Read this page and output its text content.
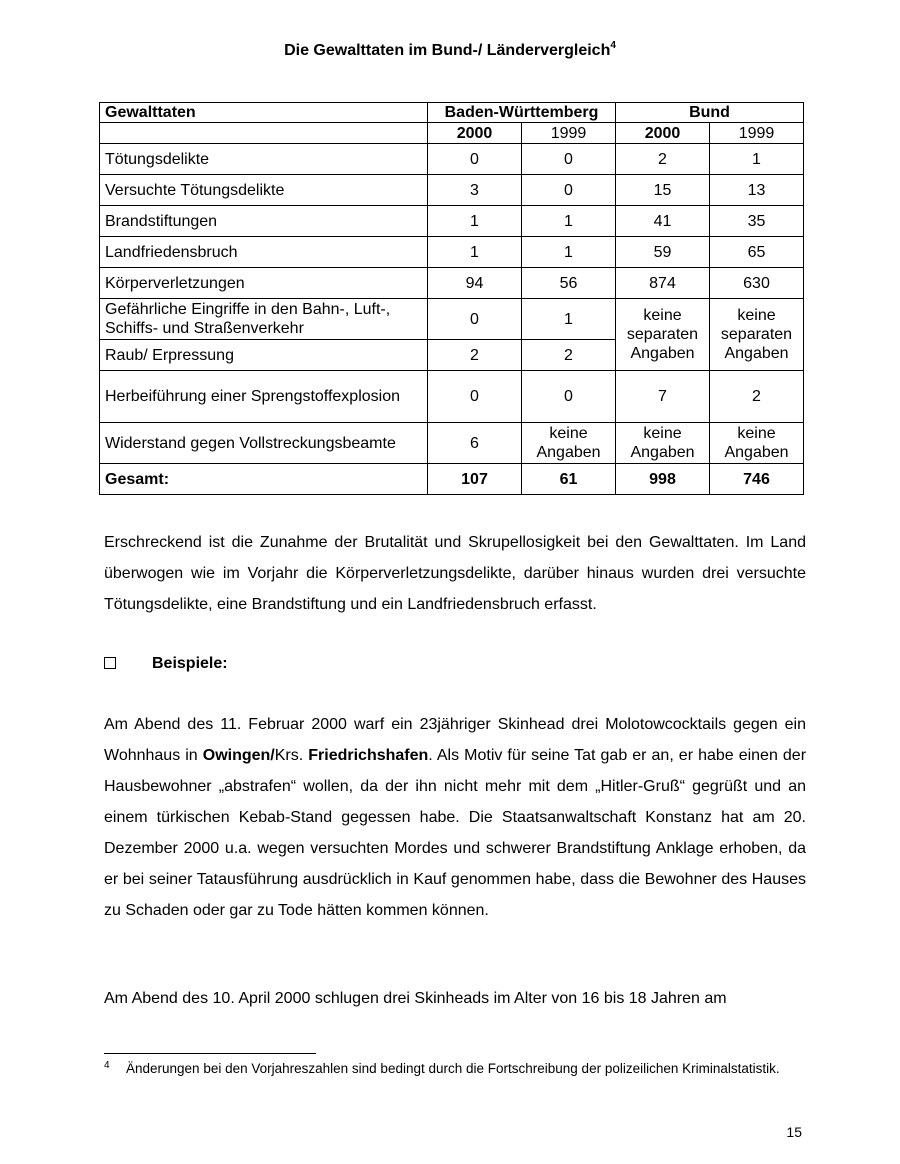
Die Gewalttaten im Bund-/ Ländervergleich$^4$
Gewalttaten	Baden-Württemberg		Bund	
	2000	1999	2000	1999
Tötungsdelikte	0	0	2	1
Versuchte Tötungsdelikte	3	0	15	13
Brandstiftungen	1	1	41	35
Landfriedensbruch	1	1	59	65
Körperverletzungen	94	56	874	630
Gefährliche Eingriffe in den Bahn-, Luft-, Schiffs- und Straßenverkehr	0	1	keine separaten Angaben	keine separaten Angaben
Raub/ Erpressung	2	2		
Herbeiführung einer Sprengstoffexplosion	0	0	7	2
Widerstand gegen Vollstreckungsbeamte	6	keine Angaben	keine Angaben	keine Angaben
Gesamt:	107	61	998	746
Erschreckend ist die Zunahme der Brutalität und Skrupellosigkeit bei den Gewalttaten. Im Land überwogen wie im Vorjahr die Körperverletzungsdelikte, darüber hinaus wurden drei versuchte Tötungsdelikte, eine Brandstiftung und ein Landfriedensbruch erfasst.
Beispiele:
Am Abend des 11. Februar 2000 warf ein 23jähriger Skinhead drei Molotowcocktails gegen ein Wohnhaus in Owingen/Krs. Friedrichshafen. Als Motiv für seine Tat gab er an, er habe einen der Hausbewohner „abstrafen“ wollen, da der ihn nicht mehr mit dem „Hitler-Gruß“ gegrüßt und an einem türkischen Kebab-Stand gegessen habe. Die Staatsanwaltschaft Konstanz hat am 20. Dezember 2000 u.a. wegen versuchten Mordes und schwerer Brandstiftung Anklage erhoben, da er bei seiner Tatausführung ausdrücklich in Kauf genommen habe, dass die Bewohner des Hauses zu Schaden oder gar zu Tode hätten kommen können.
Am Abend des 10. April 2000 schlugen drei Skinheads im Alter von 16 bis 18 Jahren am
4 Änderungen bei den Vorjahreszahlen sind bedingt durch die Fortschreibung der polizeilichen Kriminalstatistik.
15
